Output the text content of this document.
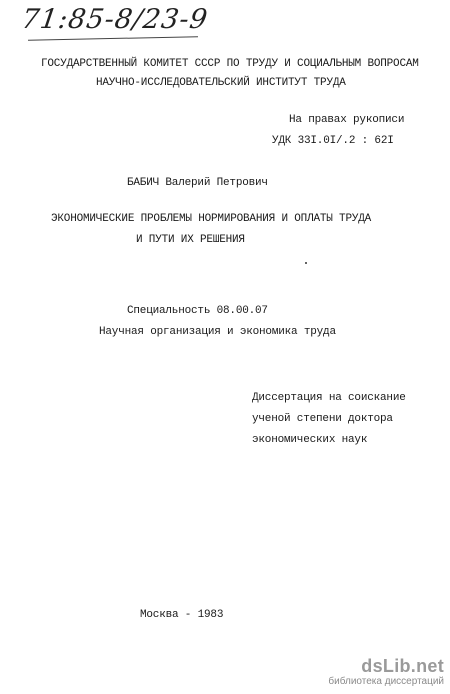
71:85-8/23-9
ГОСУДАРСТВЕННЫЙ КОМИТЕТ СССР ПО ТРУДУ И СОЦИАЛЬНЫМ ВОПРОСАМ
НАУЧНО-ИССЛЕДОВАТЕЛЬСКИЙ ИНСТИТУТ ТРУДА
На правах рукописи
УДК 33I.0I/.2 : 62I
БАБИЧ Валерий Петрович
ЭКОНОМИЧЕСКИЕ ПРОБЛЕМЫ НОРМИРОВАНИЯ И ОПЛАТЫ ТРУДА
И ПУТИ ИХ РЕШЕНИЯ
Специальность 08.00.07
Научная организация и экономика труда
Диссертация на соискание
ученой степени доктора
экономических наук
Москва - 1983
dsLib.net
библиотека диссертаций
